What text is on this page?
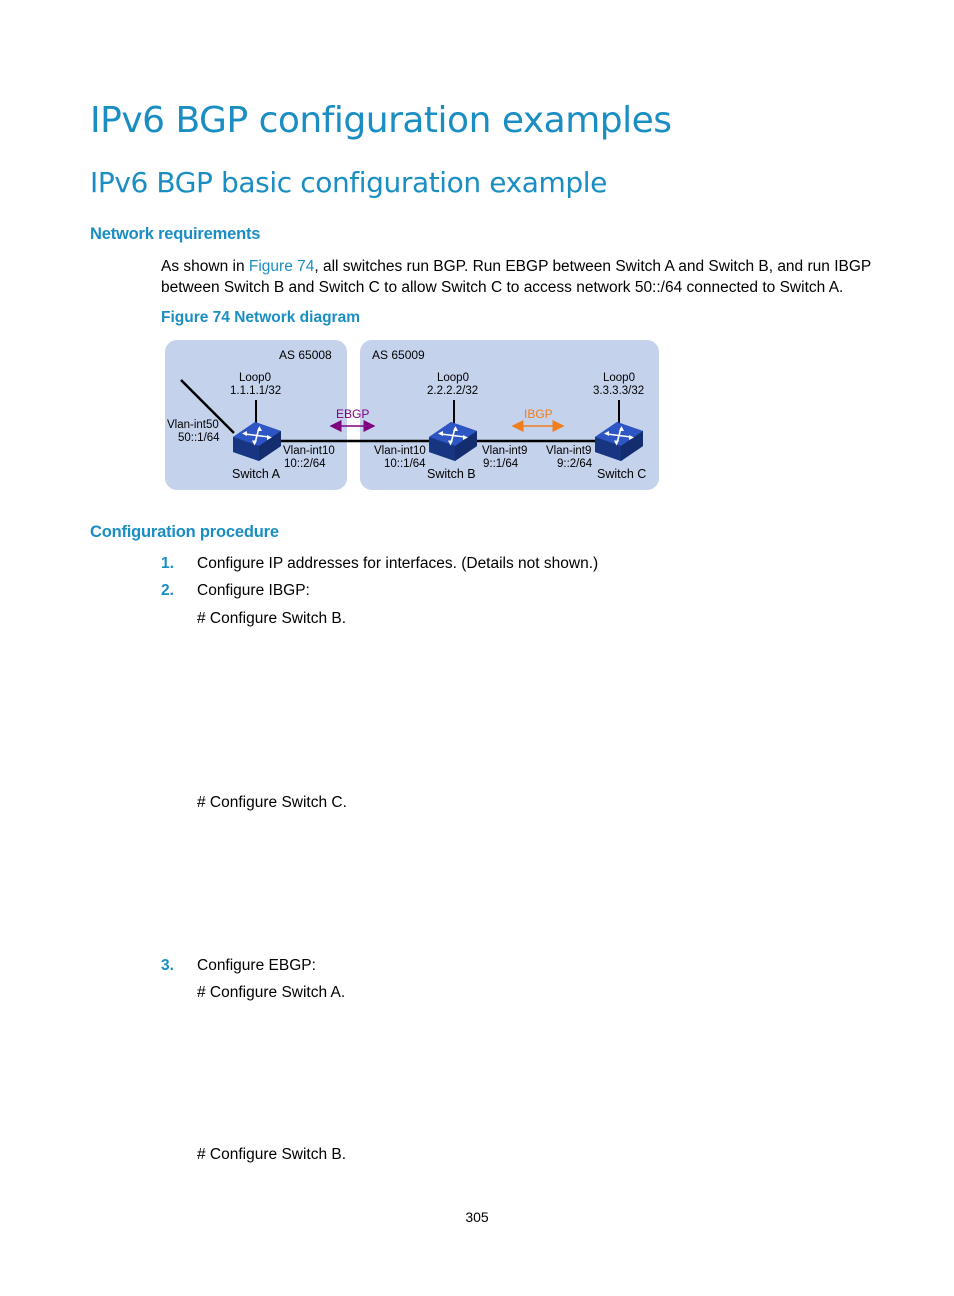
IPv6 BGP configuration examples
IPv6 BGP basic configuration example
Network requirements
As shown in Figure 74, all switches run BGP. Run EBGP between Switch A and Switch B, and run IBGP between Switch B and Switch C to allow Switch C to access network 50::/64 connected to Switch A.
Figure 74 Network diagram
AS 65008	AS 65009
EBGP	IBGP
Loop0
1.1.1.1/32
Vlan-int50
50::1/64
Vlan-int10
10::2/64
Switch A
Loop0
2.2.2.2/32
Vlan-int10
10::1/64
Vlan-int9
9::1/64
Switch B
Loop0
3.3.3.3/32
Vlan-int9
9::2/64
Switch C
Configuration procedure
1. Configure IP addresses for interfaces. (Details not shown.)
2. Configure IBGP:
# Configure Switch B.
# Configure Switch C.
3. Configure EBGP:
# Configure Switch A.
# Configure Switch B.
305
